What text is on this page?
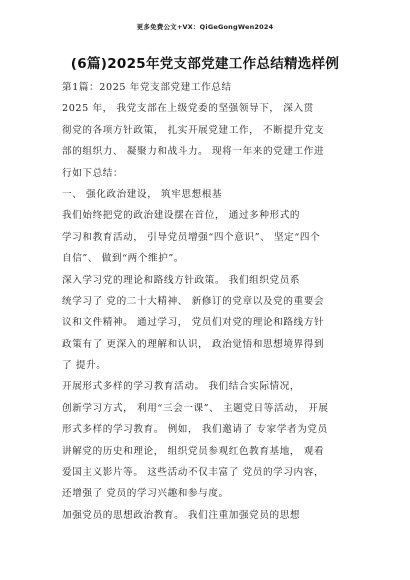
更多免费公文+VX：QiGeGongWen2024
(6篇)2025年党支部党建工作总结精选样例
第1篇：2025 年党支部党建工作总结
2025 年， 我党支部在上级党委的坚强领导下， 深入贯
彻党的各项方针政策， 扎实开展党建工作， 不断提升党支
部的组织力、 凝聚力和战斗力。 现将一年来的党建工作进
行如下总结：
一、 强化政治建设， 筑牢思想根基
我们始终把党的政治建设摆在首位， 通过多种形式的
学习和教育活动， 引导党员增强“四个意识”、 坚定“四个
自信”、 做到“两个维护”。
深入学习党的理论和路线方针政策。 我们组织党员系
统学习了 党的二十大精神、 新修订的党章以及党的重要会
议和文件精神。 通过学习， 党员们对党的理论和路线方针
政策有了 更深入的理解和认识， 政治觉悟和思想境界得到
了 提升。
开展形式多样的学习教育活动。 我们结合实际情况，
创新学习方式， 利用“三会一课”、 主题党日等活动， 开展
形式多样的学习教育。 例如， 我们邀请了 专家学者为党员
讲解党的历史和理论， 组织党员参观红色教育基地， 观看
爱国主义影片等。 这些活动不仅丰富了 党员的学习内容，
还增强了 党员的学习兴趣和参与度。
加强党员的思想政治教育。 我们注重加强党员的思想
